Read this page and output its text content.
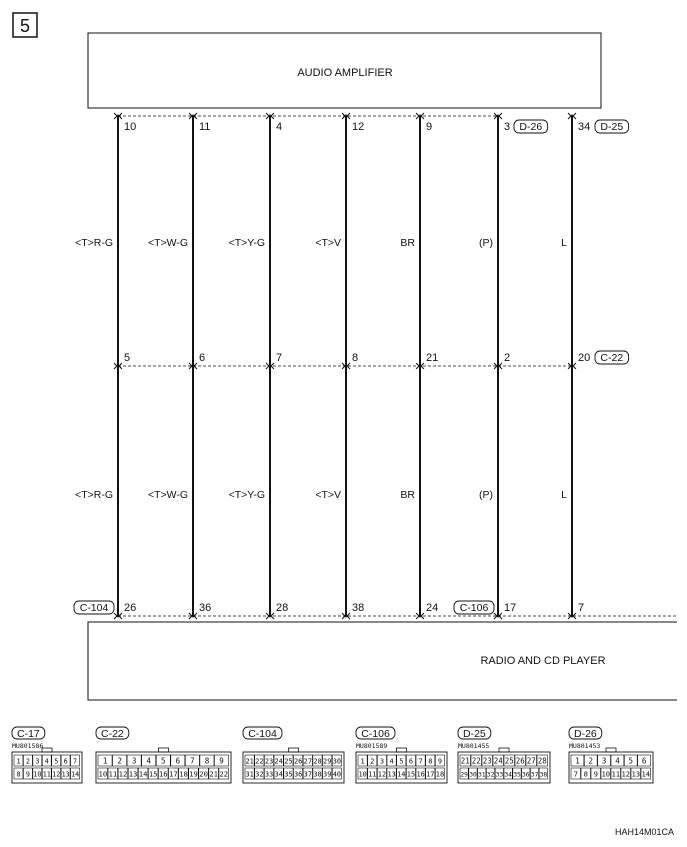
5
AUDIO AMPLIFIER
RADIO AND CD PLAYER
10
5
26
<T>R-G
<T>R-G
C-104
11
6
36
<T>W-G
<T>W-G
4
7
28
<T>Y-G
<T>Y-G
12
8
38
<T>V
<T>V
9
21
24
BR
BR
3
2
17
(P)
(P)
D-26
C-106
34
20
7
L
L
D-25
C-22
C-17
MU801586
1 2 3 4 5 6 7
8 9 10 11 12 13 14
C-22
1 2 3 4 5 6 7 8 9
10 11 12 13 14 15 16 17 18 19 20 21 22
C-104
21 22 23 24 25 26 27 28 29 30
31 32 33 34 35 36 37 38 39 40
C-106
MU801589
1 2 3 4 5 6 7 8 9
10 11 12 13 14 15 16 17 18
D-25
MU801455
21 22 23 24 25 26 27 28
29 30 31 32 33 34 35 36 37 38
D-26
MU801453
1 2 3 4 5 6
7 8 9 10 11 12 13 14
HAH14M01CA
